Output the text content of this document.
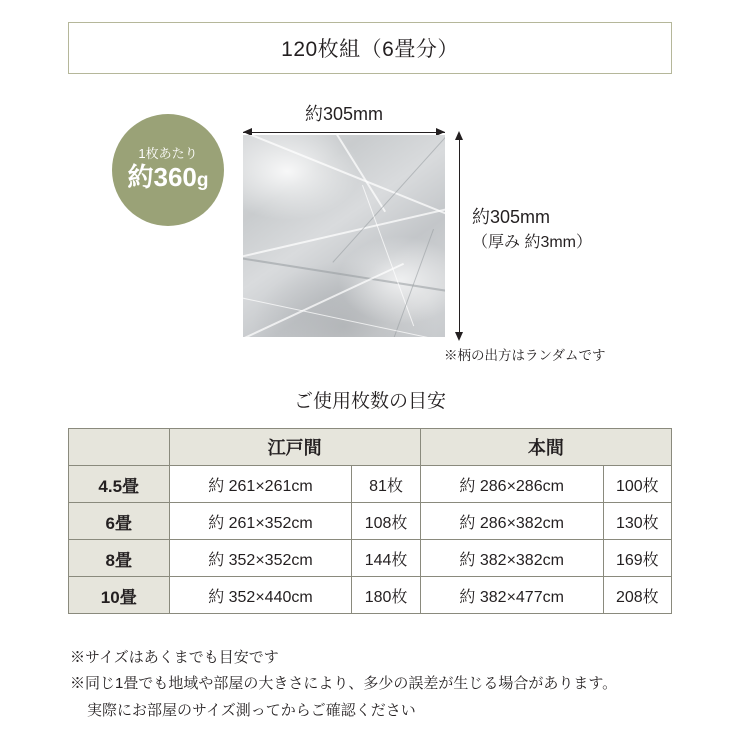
120枚組（6畳分）
1枚あたり
約360g
約305mm
約305mm
（厚み 約3mm）
※柄の出方はランダムです
ご使用枚数の目安
	江戸間		本間	
4.5畳	約 261×261cm	81枚	約 286×286cm	100枚
6畳	約 261×352cm	108枚	約 286×382cm	130枚
8畳	約 352×352cm	144枚	約 382×382cm	169枚
10畳	約 352×440cm	180枚	約 382×477cm	208枚
※サイズはあくまでも目安です
※同じ1畳でも地域や部屋の大きさにより、多少の誤差が生じる場合があります。
実際にお部屋のサイズ測ってからご確認ください
